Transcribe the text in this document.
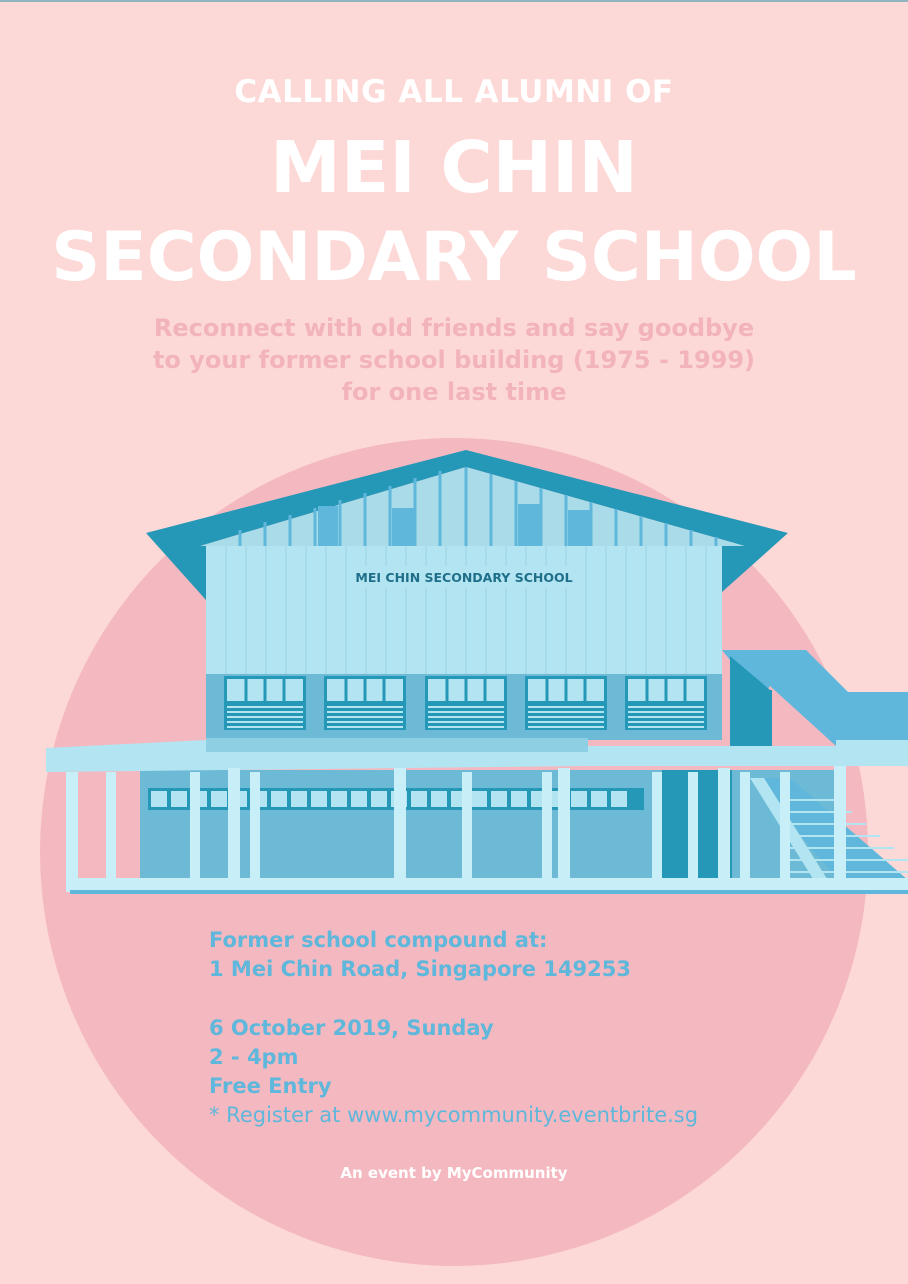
CALLING ALL ALUMNI OF
MEI CHIN
SECONDARY SCHOOL
Reconnect with old friends and say goodbye
to your former school building (1975 - 1999)
for one last time
MEI CHIN SECONDARY SCHOOL
Former school compound at:
1 Mei Chin Road, Singapore 149253
6 October 2019, Sunday
2 - 4pm
Free Entry
* Register at www.mycommunity.eventbrite.sg
An event by MyCommunity
